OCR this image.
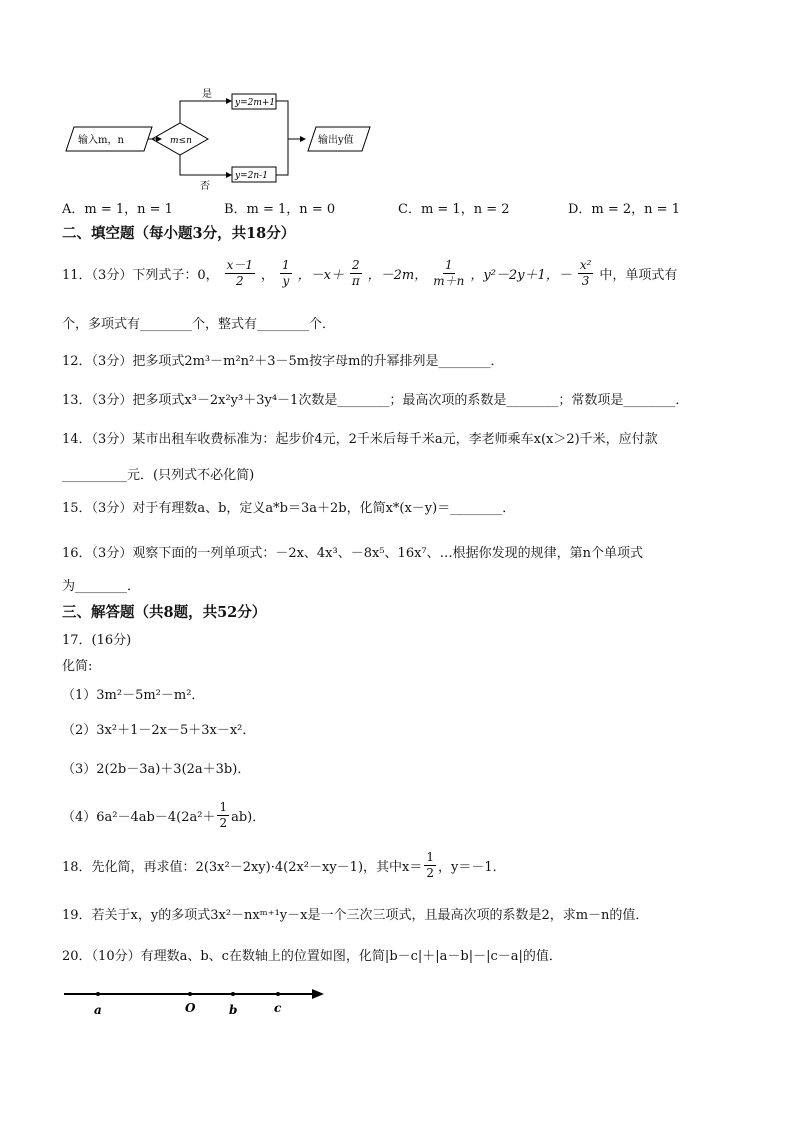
输入m，n	m≤n
是
y=2m+1
否
y=2n-1
输出y值
A．m = 1，n = 1	B．m = 1，n = 0	C．m = 1，n = 2	D．m = 2，n = 1
二、填空题（每小题3分，共18分）
11．（3分）下列式子：0，
x－1
2 ，
1
y ，－x＋
2
π ，－2m，
1
m＋n ，y²－2y＋1，－
x²
3 中，单项式有
个，多项式有________个，整式有________个．
12．（3分）把多项式2m³－m²n²＋3－5m按字母m的升幂排列是________．
13．（3分）把多项式x³－2x²y³＋3y⁴－1次数是________；最高次项的系数是________；常数项是________．
14．（3分）某市出租车收费标准为：起步价4元，2千米后每千米a元，李老师乘车x(x＞2)千米，应付款
__________元．(只列式不必化简)
15．（3分）对于有理数a、b，定义a*b＝3a＋2b，化简x*(x－y)＝________．
16．（3分）观察下面的一列单项式：－2x、4x³、－8x⁵、16x⁷、…根据你发现的规律，第n个单项式
为________．
三、解答题（共8题，共52分）
17．(16分)
化简:
（1）3m²－5m²－m²．
（2）3x²＋1－2x－5＋3x－x²．
（3）2(2b－3a)＋3(2a＋3b)．
（4）6a²－4ab－4(2a²＋
1
2 ab)．
18．先化简，再求值：2(3x²－2xy)·4(2x²－xy－1)，其中x＝
1
2 ，y＝－1．
19．若关于x，y的多项式3x²－nxᵐ⁺¹y－x是一个三次三项式，且最高次项的系数是2，求m－n的值．
20．（10分）有理数a、b、c在数轴上的位置如图，化简|b－c|＋|a－b|－|c－a|的值．
a	O	b	c
